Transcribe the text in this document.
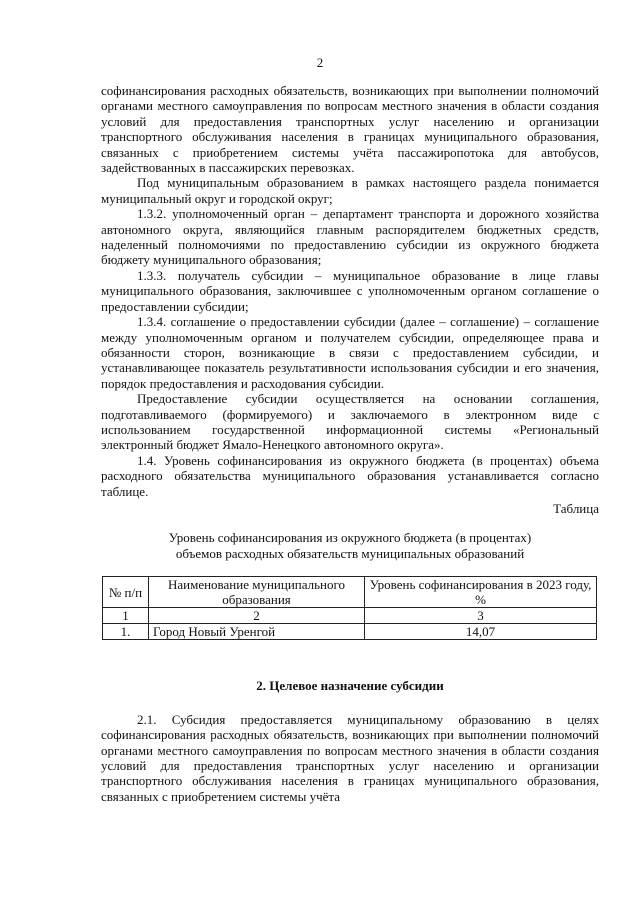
2

софинансирования расходных обязательств, возникающих при выполнении полномочий органами местного самоуправления по вопросам местного значения в области создания условий для предоставления транспортных услуг населению и организации транспортного обслуживания населения в границах муниципального образования, связанных с приобретением системы учёта пассажиропотока для автобусов, задействованных в пассажирских перевозках.

Под муниципальным образованием в рамках настоящего раздела понимается муниципальный округ и городской округ;

1.3.2. уполномоченный орган – департамент транспорта и дорожного хозяйства автономного округа, являющийся главным распорядителем бюджетных средств, наделенный полномочиями по предоставлению субсидии из окружного бюджета бюджету муниципального образования;

1.3.3. получатель субсидии – муниципальное образование в лице главы муниципального образования, заключившее с уполномоченным органом соглашение о предоставлении субсидии;

1.3.4. соглашение о предоставлении субсидии (далее – соглашение) – соглашение между уполномоченным органом и получателем субсидии, определяющее права и обязанности сторон, возникающие в связи с предоставлением субсидии, и устанавливающее показатель результативности использования субсидии и его значения, порядок предоставления и расходования субсидии.

Предоставление субсидии осуществляется на основании соглашения, подготавливаемого (формируемого) и заключаемого в электронном виде с использованием государственной информационной системы «Региональный электронный бюджет Ямало-Ненецкого автономного округа».

1.4. Уровень софинансирования из окружного бюджета (в процентах) объема расходного обязательства муниципального образования устанавливается согласно таблице.

Таблица
Уровень софинансирования из окружного бюджета (в процентах)
объемов расходных обязательств муниципальных образований
№ п/п	Наименование муниципального образования	Уровень софинансирования в 2023 году, %
1	2	3
1.	Город Новый Уренгой	14,07
2. Целевое назначение субсидии

2.1. Субсидия предоставляется муниципальному образованию в целях софинансирования расходных обязательств, возникающих при выполнении полномочий органами местного самоуправления по вопросам местного значения в области создания условий для предоставления транспортных услуг населению и организации транспортного обслуживания населения в границах муниципального образования, связанных с приобретением системы учёта
